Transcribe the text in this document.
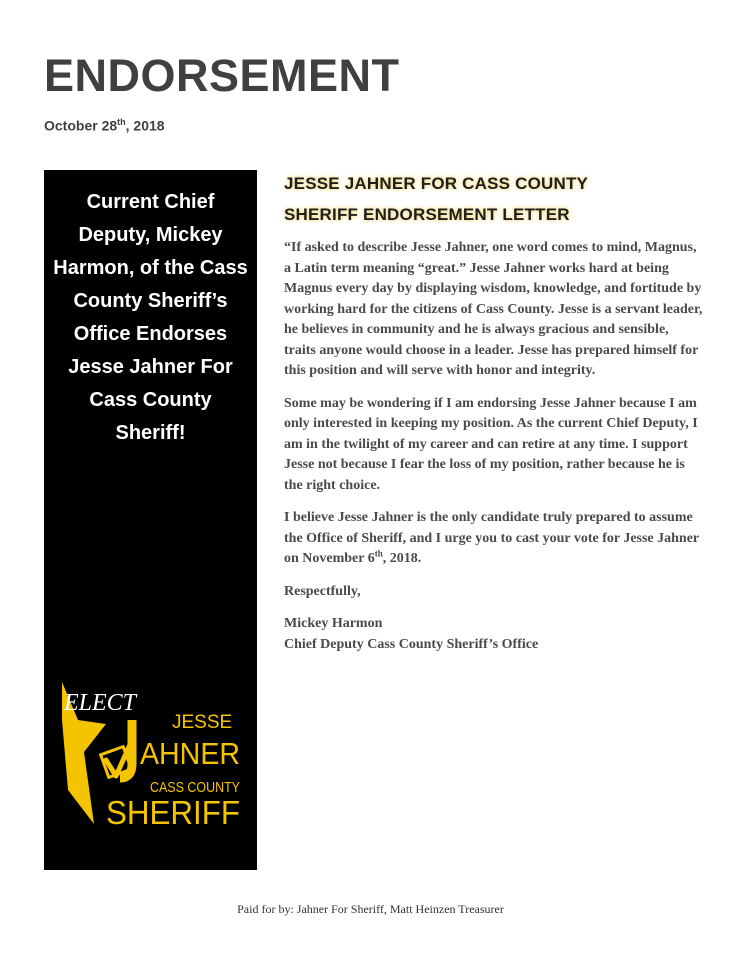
ENDORSEMENT
October 28th, 2018
Current Chief Deputy, Mickey Harmon, of the Cass County Sheriff’s Office Endorses Jesse Jahner For Cass County Sheriff!
ELECT
JESSE
AHNER
CASS COUNTY
SHERIFF
JESSE JAHNER FOR CASS COUNTY
SHERIFF ENDORSEMENT LETTER

“If asked to describe Jesse Jahner, one word comes to mind, Magnus, a Latin term meaning “great.” Jesse Jahner works hard at being Magnus every day by displaying wisdom, knowledge, and fortitude by working hard for the citizens of Cass County. Jesse is a servant leader, he believes in community and he is always gracious and sensible, traits anyone would choose in a leader. Jesse has prepared himself for this position and will serve with honor and integrity.

Some may be wondering if I am endorsing Jesse Jahner because I am only interested in keeping my position. As the current Chief Deputy, I am in the twilight of my career and can retire at any time. I support Jesse not because I fear the loss of my position, rather because he is the right choice.

I believe Jesse Jahner is the only candidate truly prepared to assume the Office of Sheriff, and I urge you to cast your vote for Jesse Jahner on November 6th, 2018.

Respectfully,

Mickey Harmon

Chief Deputy Cass County Sheriff’s Office

Paid for by: Jahner For Sheriff, Matt Heinzen Treasurer
